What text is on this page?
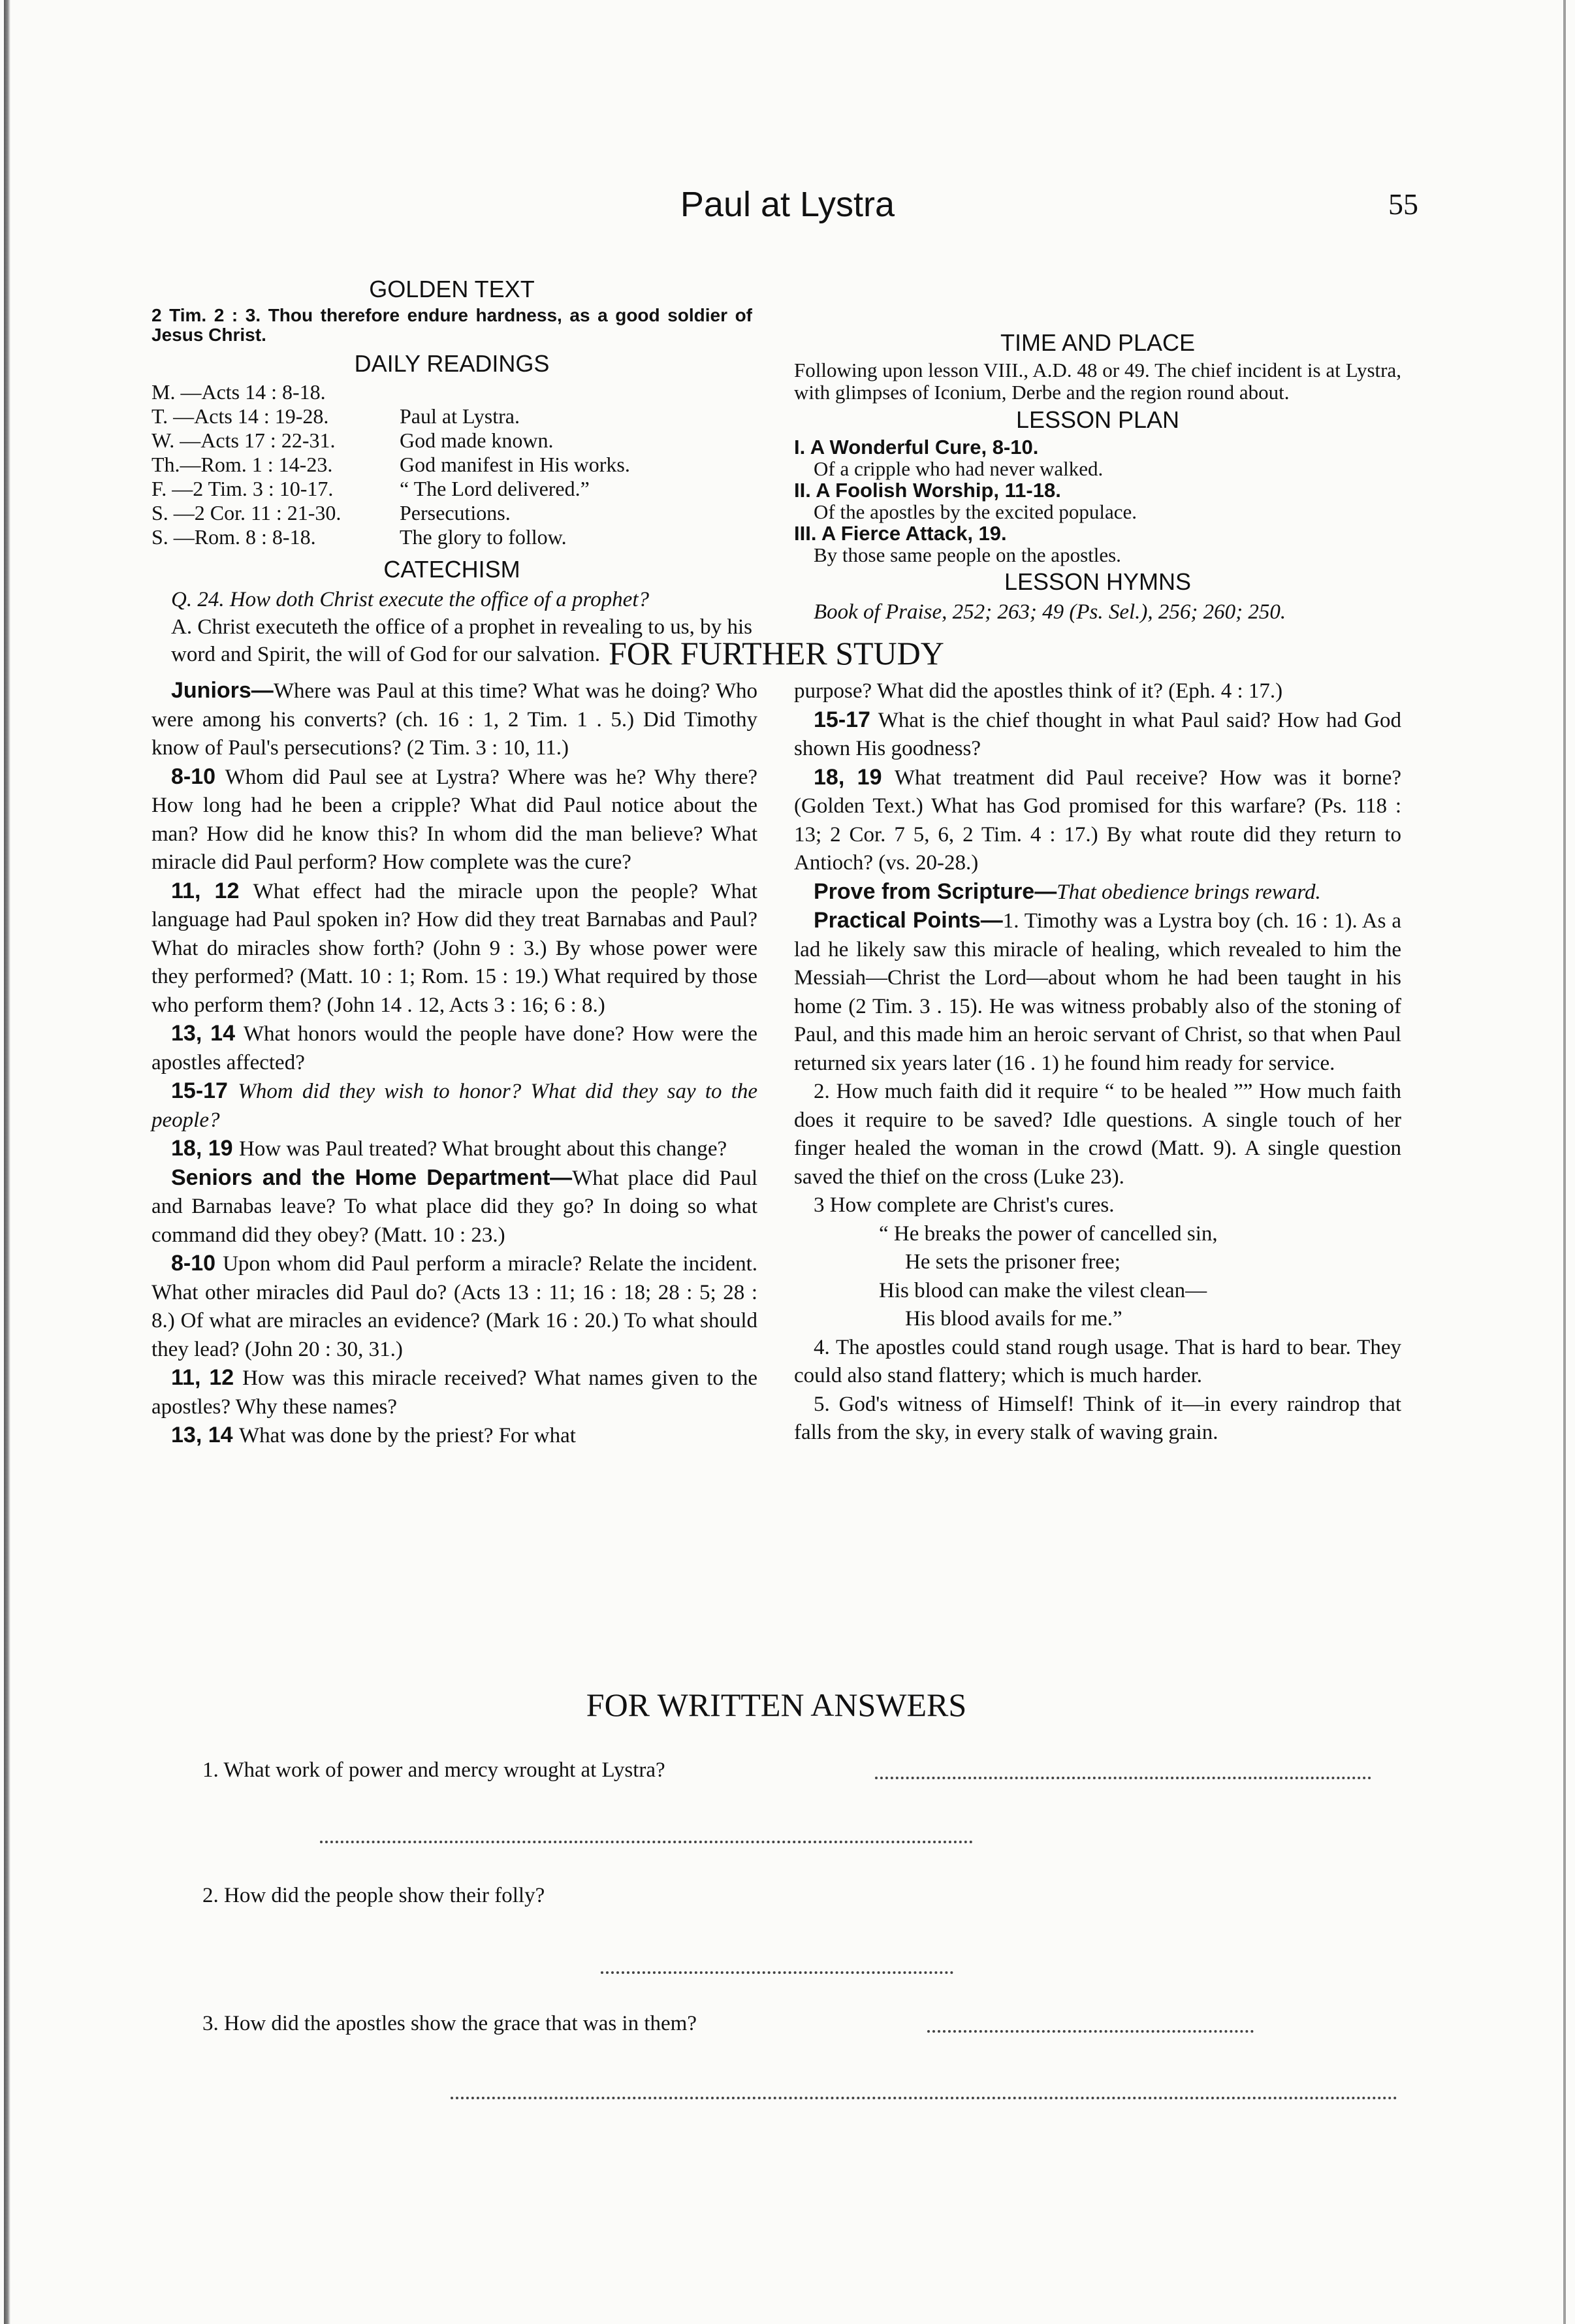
Paul at Lystra	55
GOLDEN TEXT
2 Tim. 2 : 3. Thou therefore endure hardness, as a good soldier of Jesus Christ.
DAILY READINGS
M. —Acts 14 : 8-18.	
T. —Acts 14 : 19-28.	Paul at Lystra.
W. —Acts 17 : 22-31.	God made known.
Th.—Rom. 1 : 14-23.	God manifest in His works.
F. —2 Tim. 3 : 10-17.	“ The Lord delivered.”
S. —2 Cor. 11 : 21-30.	Persecutions.
S. —Rom. 8 : 8-18.	The glory to follow.
CATECHISM
Q. 24. How doth Christ execute the office of a prophet?
A. Christ executeth the office of a prophet in revealing to us, by his word and Spirit, the will of God for our salvation.
TIME AND PLACE
Following upon lesson VIII., A.D. 48 or 49. The chief incident is at Lystra, with glimpses of Iconium, Derbe and the region round about.
LESSON PLAN
I. A Wonderful Cure, 8-10.
Of a cripple who had never walked.
II. A Foolish Worship, 11-18.
Of the apostles by the excited populace.
III. A Fierce Attack, 19.
By those same people on the apostles.
LESSON HYMNS
Book of Praise, 252; 263; 49 (Ps. Sel.), 256; 260; 250.
FOR FURTHER STUDY

Juniors—Where was Paul at this time? What was he doing? Who were among his converts? (ch. 16 : 1, 2 Tim. 1 . 5.) Did Timothy know of Paul's persecutions? (2 Tim. 3 : 10, 11.)

8-10 Whom did Paul see at Lystra? Where was he? Why there? How long had he been a cripple? What did Paul notice about the man? How did he know this? In whom did the man believe? What miracle did Paul perform? How complete was the cure?

11, 12 What effect had the miracle upon the people? What language had Paul spoken in? How did they treat Barnabas and Paul? What do miracles show forth? (John 9 : 3.) By whose power were they performed? (Matt. 10 : 1; Rom. 15 : 19.) What required by those who perform them? (John 14 . 12, Acts 3 : 16; 6 : 8.)

13, 14 What honors would the people have done? How were the apostles affected?

15-17 Whom did they wish to honor? What did they say to the people?

18, 19 How was Paul treated? What brought about this change?

Seniors and the Home Department—What place did Paul and Barnabas leave? To what place did they go? In doing so what command did they obey? (Matt. 10 : 23.)

8-10 Upon whom did Paul perform a miracle? Relate the incident. What other miracles did Paul do? (Acts 13 : 11; 16 : 18; 28 : 5; 28 : 8.) Of what are miracles an evidence? (Mark 16 : 20.) To what should they lead? (John 20 : 30, 31.)

11, 12 How was this miracle received? What names given to the apostles? Why these names?

13, 14 What was done by the priest? For what

purpose? What did the apostles think of it? (Eph. 4 : 17.)

15-17 What is the chief thought in what Paul said? How had God shown His goodness?

18, 19 What treatment did Paul receive? How was it borne? (Golden Text.) What has God promised for this warfare? (Ps. 118 : 13; 2 Cor. 7 5, 6, 2 Tim. 4 : 17.) By what route did they return to Antioch? (vs. 20-28.)

Prove from Scripture—That obedience brings reward.

Practical Points—1. Timothy was a Lystra boy (ch. 16 : 1). As a lad he likely saw this miracle of healing, which revealed to him the Messiah—Christ the Lord—about whom he had been taught in his home (2 Tim. 3 . 15). He was witness probably also of the stoning of Paul, and this made him an heroic servant of Christ, so that when Paul returned six years later (16 . 1) he found him ready for service.

2. How much faith did it require “ to be healed ”” How much faith does it require to be saved? Idle questions. A single touch of her finger healed the woman in the crowd (Matt. 9). A single question saved the thief on the cross (Luke 23).

3 How complete are Christ's cures.

“ He breaks the power of cancelled sin,
He sets the prisoner free;
His blood can make the vilest clean—
His blood avails for me.”

4. The apostles could stand rough usage. That is hard to bear. They could also stand flattery; which is much harder.

5. God's witness of Himself! Think of it—in every raindrop that falls from the sky, in every stalk of waving grain.

FOR WRITTEN ANSWERS
1. What work of power and mercy wrought at Lystra?
2. How did the people show their folly?
3. How did the apostles show the grace that was in them?
